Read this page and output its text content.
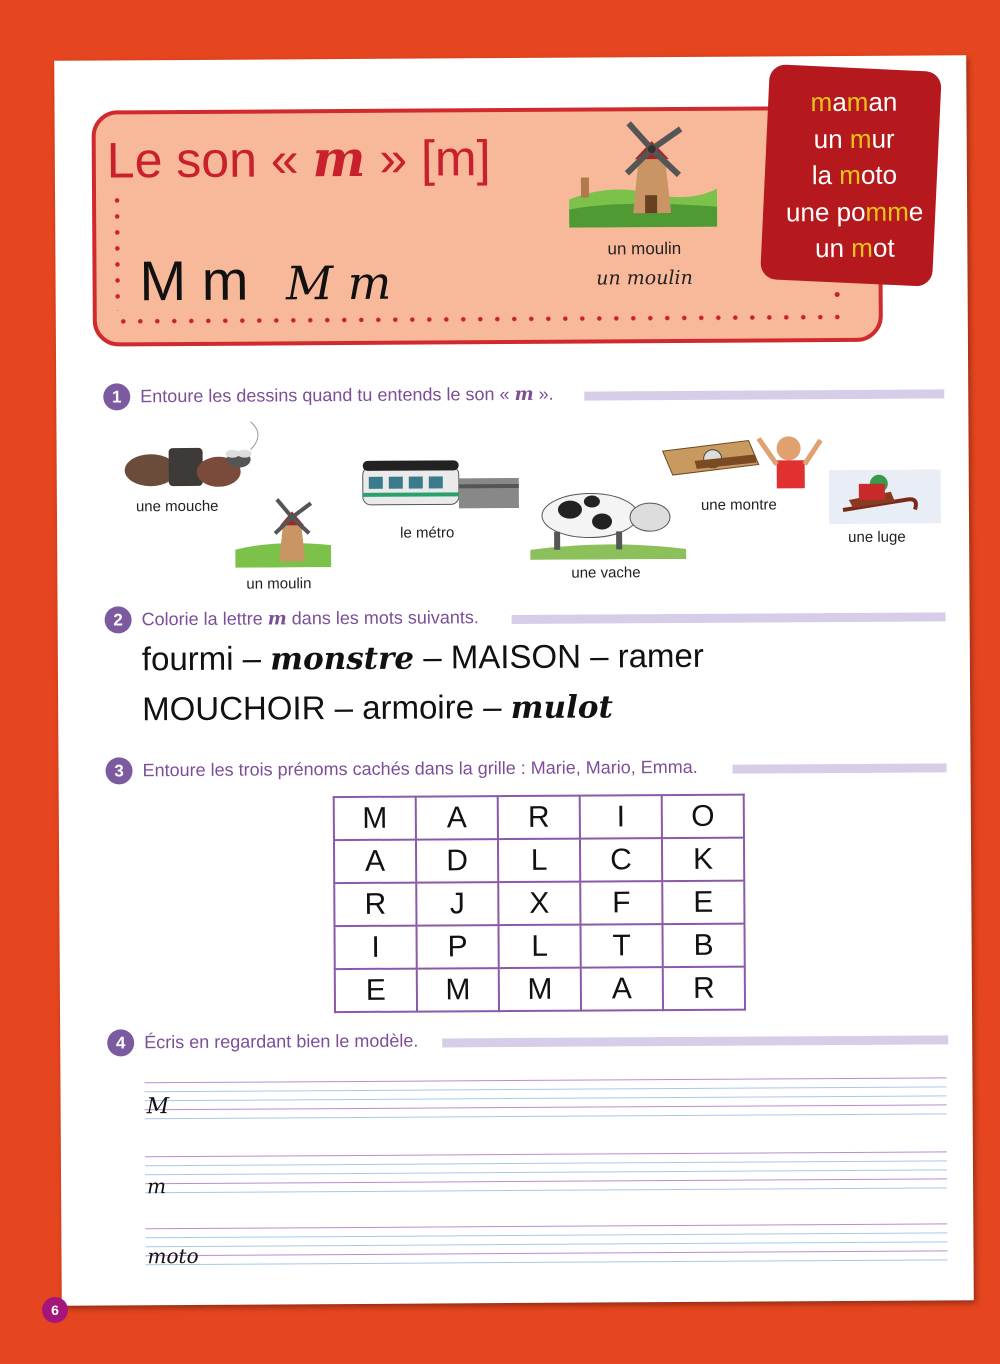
Le son « m » [m]
M m M m
un moulin
un moulin
maman
un mur
la moto
une pomme
un mot
1	Entoure les dessins quand tu entends le son « m ».
une mouche
un moulin
le métro
une vache
une montre
une luge
2	Colorie la lettre m dans les mots suivants.
fourmi – monstre – MAISON – ramer
MOUCHOIR – armoire – mulot
3	Entoure les trois prénoms cachés dans la grille : Marie, Mario, Emma.
M	A	R	I	O
A	D	L	C	K
R	J	X	F	E
I	P	L	T	B
E	M	M	A	R
4	Écris en regardant bien le modèle.
M
m
moto
6
